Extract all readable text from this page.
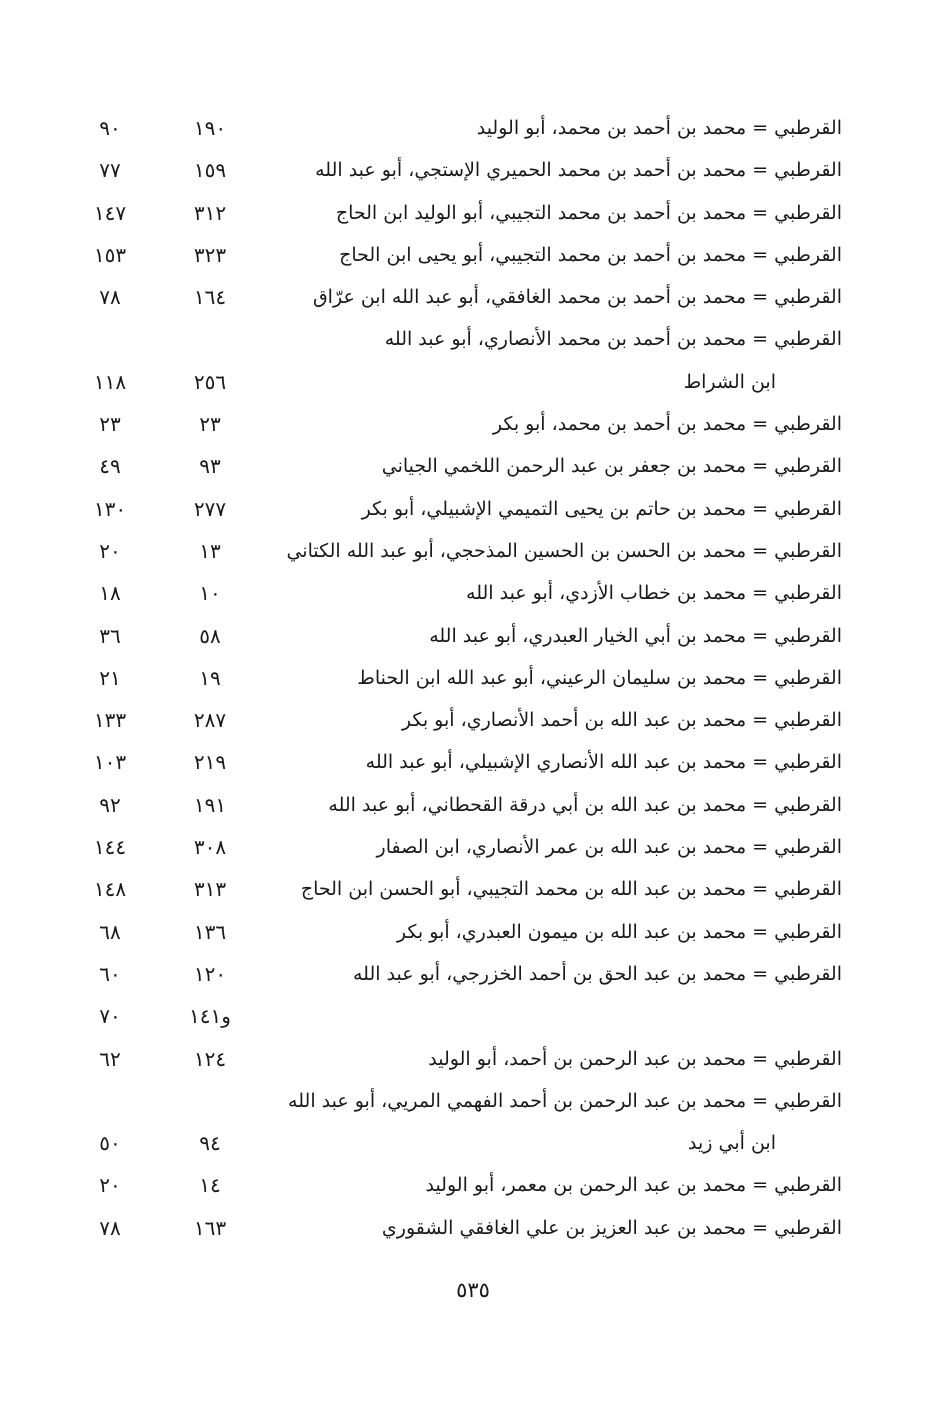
القرطبي = محمد بن أحمد بن محمد، أبو الوليد
١٩٠
٩٠
القرطبي = محمد بن أحمد بن محمد الحميري الإستجي، أبو عبد الله
١٥٩
٧٧
القرطبي = محمد بن أحمد بن محمد التجيبي، أبو الوليد ابن الحاج
٣١٢
١٤٧
القرطبي = محمد بن أحمد بن محمد التجيبي، أبو يحيى ابن الحاج
٣٢٣
١٥٣
القرطبي = محمد بن أحمد بن محمد الغافقي، أبو عبد الله ابن عرّاق
١٦٤
٧٨
القرطبي = محمد بن أحمد بن محمد الأنصاري، أبو عبد الله
ابن الشراط
٢٥٦
١١٨
القرطبي = محمد بن أحمد بن محمد، أبو بكر
٢٣
٢٣
القرطبي = محمد بن جعفر بن عبد الرحمن اللخمي الجياني
٩٣
٤٩
القرطبي = محمد بن حاتم بن يحيى التميمي الإشبيلي، أبو بكر
٢٧٧
١٣٠
القرطبي = محمد بن الحسن بن الحسين المذحجي، أبو عبد الله الكتاني
١٣
٢٠
القرطبي = محمد بن خطاب الأزدي، أبو عبد الله
١٠
١٨
القرطبي = محمد بن أبي الخيار العبدري، أبو عبد الله
٥٨
٣٦
القرطبي = محمد بن سليمان الرعيني، أبو عبد الله ابن الحناط
١٩
٢١
القرطبي = محمد بن عبد الله بن أحمد الأنصاري، أبو بكر
٢٨٧
١٣٣
القرطبي = محمد بن عبد الله الأنصاري الإشبيلي، أبو عبد الله
٢١٩
١٠٣
القرطبي = محمد بن عبد الله بن أبي درقة القحطاني، أبو عبد الله
١٩١
٩٢
القرطبي = محمد بن عبد الله بن عمر الأنصاري، ابن الصفار
٣٠٨
١٤٤
القرطبي = محمد بن عبد الله بن محمد التجيبي، أبو الحسن ابن الحاج
٣١٣
١٤٨
القرطبي = محمد بن عبد الله بن ميمون العبدري، أبو بكر
١٣٦
٦٨
القرطبي = محمد بن عبد الحق بن أحمد الخزرجي، أبو عبد الله
١٢٠
٦٠
و١٤١
٧٠
القرطبي = محمد بن عبد الرحمن بن أحمد، أبو الوليد
١٢٤
٦٢
القرطبي = محمد بن عبد الرحمن بن أحمد الفهمي المريي، أبو عبد الله
ابن أبي زيد
٩٤
٥٠
القرطبي = محمد بن عبد الرحمن بن معمر، أبو الوليد
١٤
٢٠
القرطبي = محمد بن عبد العزيز بن علي الغافقي الشقوري
١٦٣
٧٨
٥٣٥
